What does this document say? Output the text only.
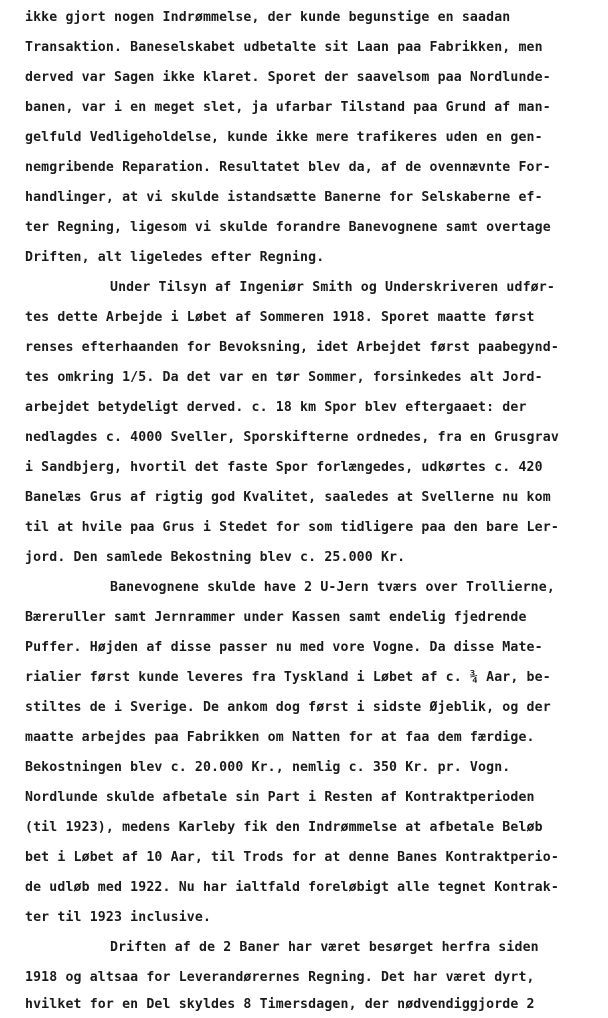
ikke gjort nogen Indrømmelse, der kunde begunstige en saadan
Transaktion. Baneselskabet udbetalte sit Laan paa Fabrikken, men
derved var Sagen ikke klaret. Sporet der saavelsom paa Nordlunde-
banen, var i en meget slet, ja ufarbar Tilstand paa Grund af man-
gelfuld Vedligeholdelse, kunde ikke mere trafikeres uden en gen-
nemgribende Reparation. Resultatet blev da, af de ovennævnte For-
handlinger, at vi skulde istandsætte Banerne for Selskaberne ef-
ter Regning, ligesom vi skulde forandre Banevognene samt overtage
Driften, alt ligeledes efter Regning.
Under Tilsyn af Ingeniør Smith og Underskriveren udfør-
tes dette Arbejde i Løbet af Sommeren 1918. Sporet maatte først
renses efterhaanden for Bevoksning, idet Arbejdet først paabegynd-
tes omkring 1/5. Da det var en tør Sommer, forsinkedes alt Jord-
arbejdet betydeligt derved. c. 18 km Spor blev eftergaaet: der
nedlagdes c. 4000 Sveller, Sporskifterne ordnedes, fra en Grusgrav
i Sandbjerg, hvortil det faste Spor forlængedes, udkørtes c. 420
Banelæs Grus af rigtig god Kvalitet, saaledes at Svellerne nu kom
til at hvile paa Grus i Stedet for som tidligere paa den bare Ler-
jord. Den samlede Bekostning blev c. 25.000 Kr.
Banevognene skulde have 2 U-Jern tværs over Trollierne,
Bæreruller samt Jernrammer under Kassen samt endelig fjedrende
Puffer. Højden af disse passer nu med vore Vogne. Da disse Mate-
rialier først kunde leveres fra Tyskland i Løbet af c. ¾ Aar, be-
stiltes de i Sverige. De ankom dog først i sidste Øjeblik, og der
maatte arbejdes paa Fabrikken om Natten for at faa dem færdige.
Bekostningen blev c. 20.000 Kr., nemlig c. 350 Kr. pr. Vogn.
Nordlunde skulde afbetale sin Part i Resten af Kontraktperioden
(til 1923), medens Karleby fik den Indrømmelse at afbetale Beløb
bet i Løbet af 10 Aar, til Trods for at denne Banes Kontraktperio-
de udløb med 1922. Nu har ialtfald foreløbigt alle tegnet Kontrak-
ter til 1923 inclusive.
Driften af de 2 Baner har været besørget herfra siden
1918 og altsaa for Leverandørernes Regning. Det har været dyrt,
hvilket for en Del skyldes 8 Timersdagen, der nødvendiggjorde 2
